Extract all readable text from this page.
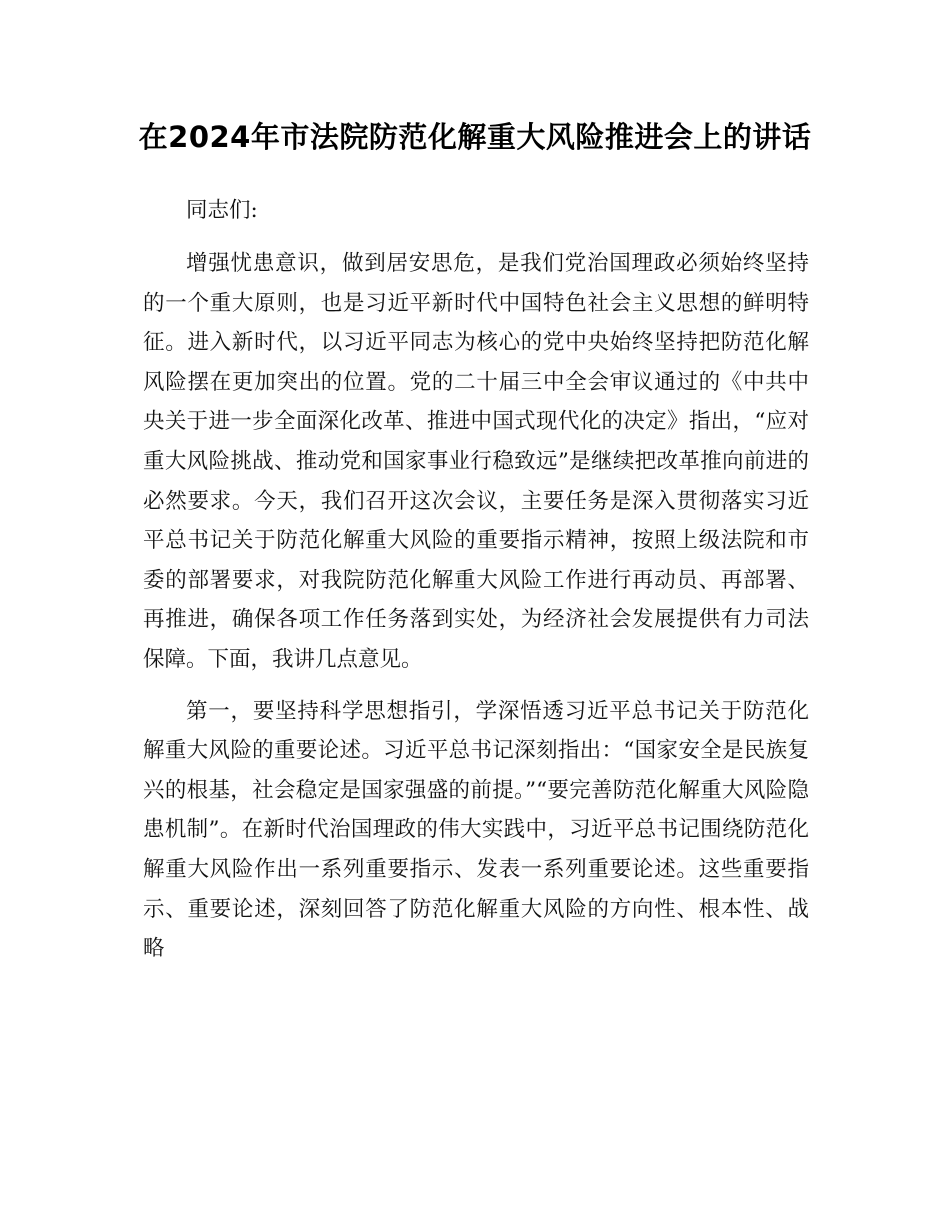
在2024年市法院防范化解重大风险推进会上的讲话

同志们:

增强忧患意识，做到居安思危，是我们党治国理政必须始终坚持的一个重大原则，也是习近平新时代中国特色社会主义思想的鲜明特征。进入新时代，以习近平同志为核心的党中央始终坚持把防范化解风险摆在更加突出的位置。党的二十届三中全会审议通过的《中共中央关于进一步全面深化改革、推进中国式现代化的决定》指出，“应对重大风险挑战、推动党和国家事业行稳致远”是继续把改革推向前进的必然要求。今天，我们召开这次会议，主要任务是深入贯彻落实习近平总书记关于防范化解重大风险的重要指示精神，按照上级法院和市委的部署要求，对我院防范化解重大风险工作进行再动员、再部署、再推进，确保各项工作任务落到实处，为经济社会发展提供有力司法保障。下面，我讲几点意见。

第一，要坚持科学思想指引，学深悟透习近平总书记关于防范化解重大风险的重要论述。习近平总书记深刻指出：“国家安全是民族复兴的根基，社会稳定是国家强盛的前提。”“要完善防范化解重大风险隐患机制”。在新时代治国理政的伟大实践中，习近平总书记围绕防范化解重大风险作出一系列重要指示、发表一系列重要论述。这些重要指示、重要论述，深刻回答了防范化解重大风险的方向性、根本性、战略
